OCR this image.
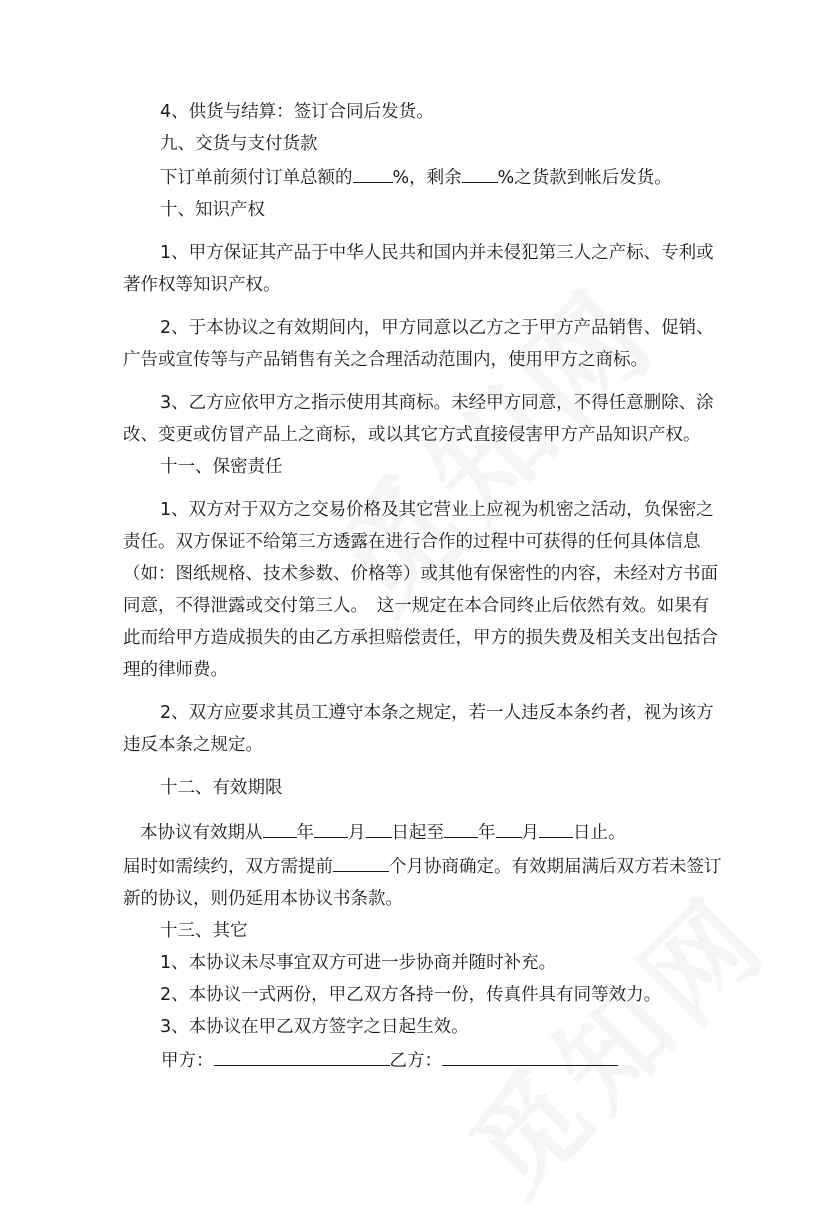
4、供货与结算：签订合同后发货。

九、交货与支付货款

下订单前须付订单总额的 %，剩余 %之货款到帐后发货。

十、知识产权

1、甲方保证其产品于中华人民共和国内并未侵犯第三人之产标、专利或著作权等知识产权。

2、于本协议之有效期间内，甲方同意以乙方之于甲方产品销售、促销、广告或宣传等与产品销售有关之合理活动范围内，使用甲方之商标。

3、乙方应依甲方之指示使用其商标。未经甲方同意，不得任意删除、涂改、变更或仿冒产品上之商标，或以其它方式直接侵害甲方产品知识产权。

十一、保密责任

1、双方对于双方之交易价格及其它营业上应视为机密之活动，负保密之责任。双方保证不给第三方透露在进行合作的过程中可获得的任何具体信息（如：图纸规格、技术参数、价格等）或其他有保密性的内容，未经对方书面同意，不得泄露或交付第三人。　这一规定在本合同终止后依然有效。如果有此而给甲方造成损失的由乙方承担赔偿责任，甲方的损失费及相关支出包括合理的律师费。

2、双方应要求其员工遵守本条之规定，若一人违反本条约者，视为该方违反本条之规定。

十二、有效期限

本协议有效期从 年 月 日起至 年 月 日止。

届时如需续约，双方需提前	个月协商确定。有效期届满后双方若未签订新的协议，则仍延用本协议书条款。

十三、其它

1、本协议未尽事宜双方可进一步协商并随时补充。

2、本协议一式两份，甲乙双方各持一份，传真件具有同等效力。

3、本协议在甲乙双方签字之日起生效。

甲方：	乙方：
